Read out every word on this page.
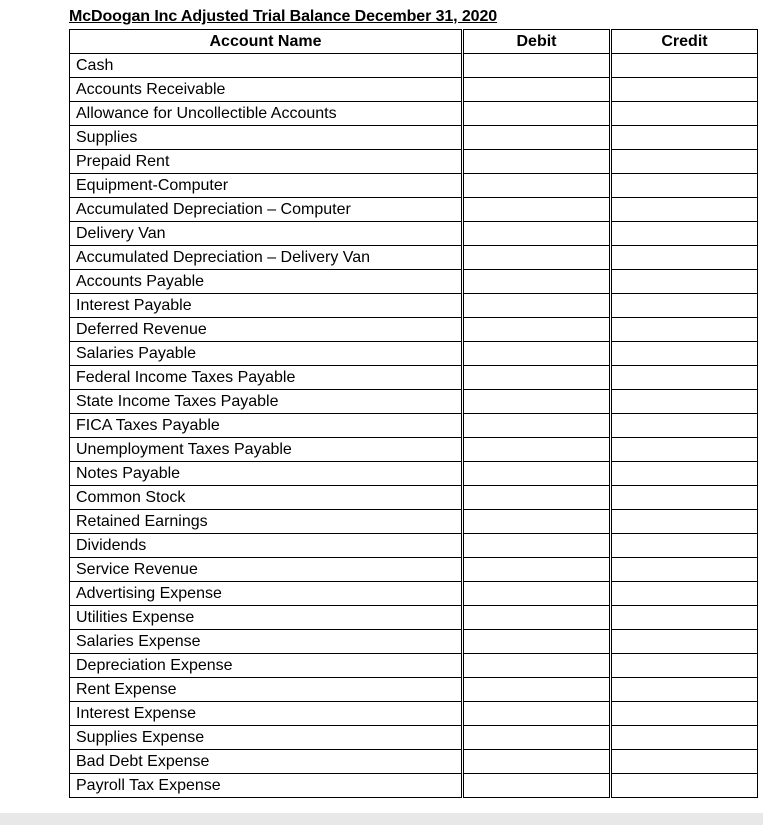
McDoogan Inc Adjusted Trial Balance December 31, 2020
Account Name		Debit		Credit
Cash				
Accounts Receivable				
Allowance for Uncollectible Accounts				
Supplies				
Prepaid Rent				
Equipment-Computer				
Accumulated Depreciation – Computer				
Delivery Van				
Accumulated Depreciation – Delivery Van				
Accounts Payable				
Interest Payable				
Deferred Revenue				
Salaries Payable				
Federal Income Taxes Payable				
State Income Taxes Payable				
FICA Taxes Payable				
Unemployment Taxes Payable				
Notes Payable				
Common Stock				
Retained Earnings				
Dividends				
Service Revenue				
Advertising Expense				
Utilities Expense				
Salaries Expense				
Depreciation Expense				
Rent Expense				
Interest Expense				
Supplies Expense				
Bad Debt Expense				
Payroll Tax Expense				
